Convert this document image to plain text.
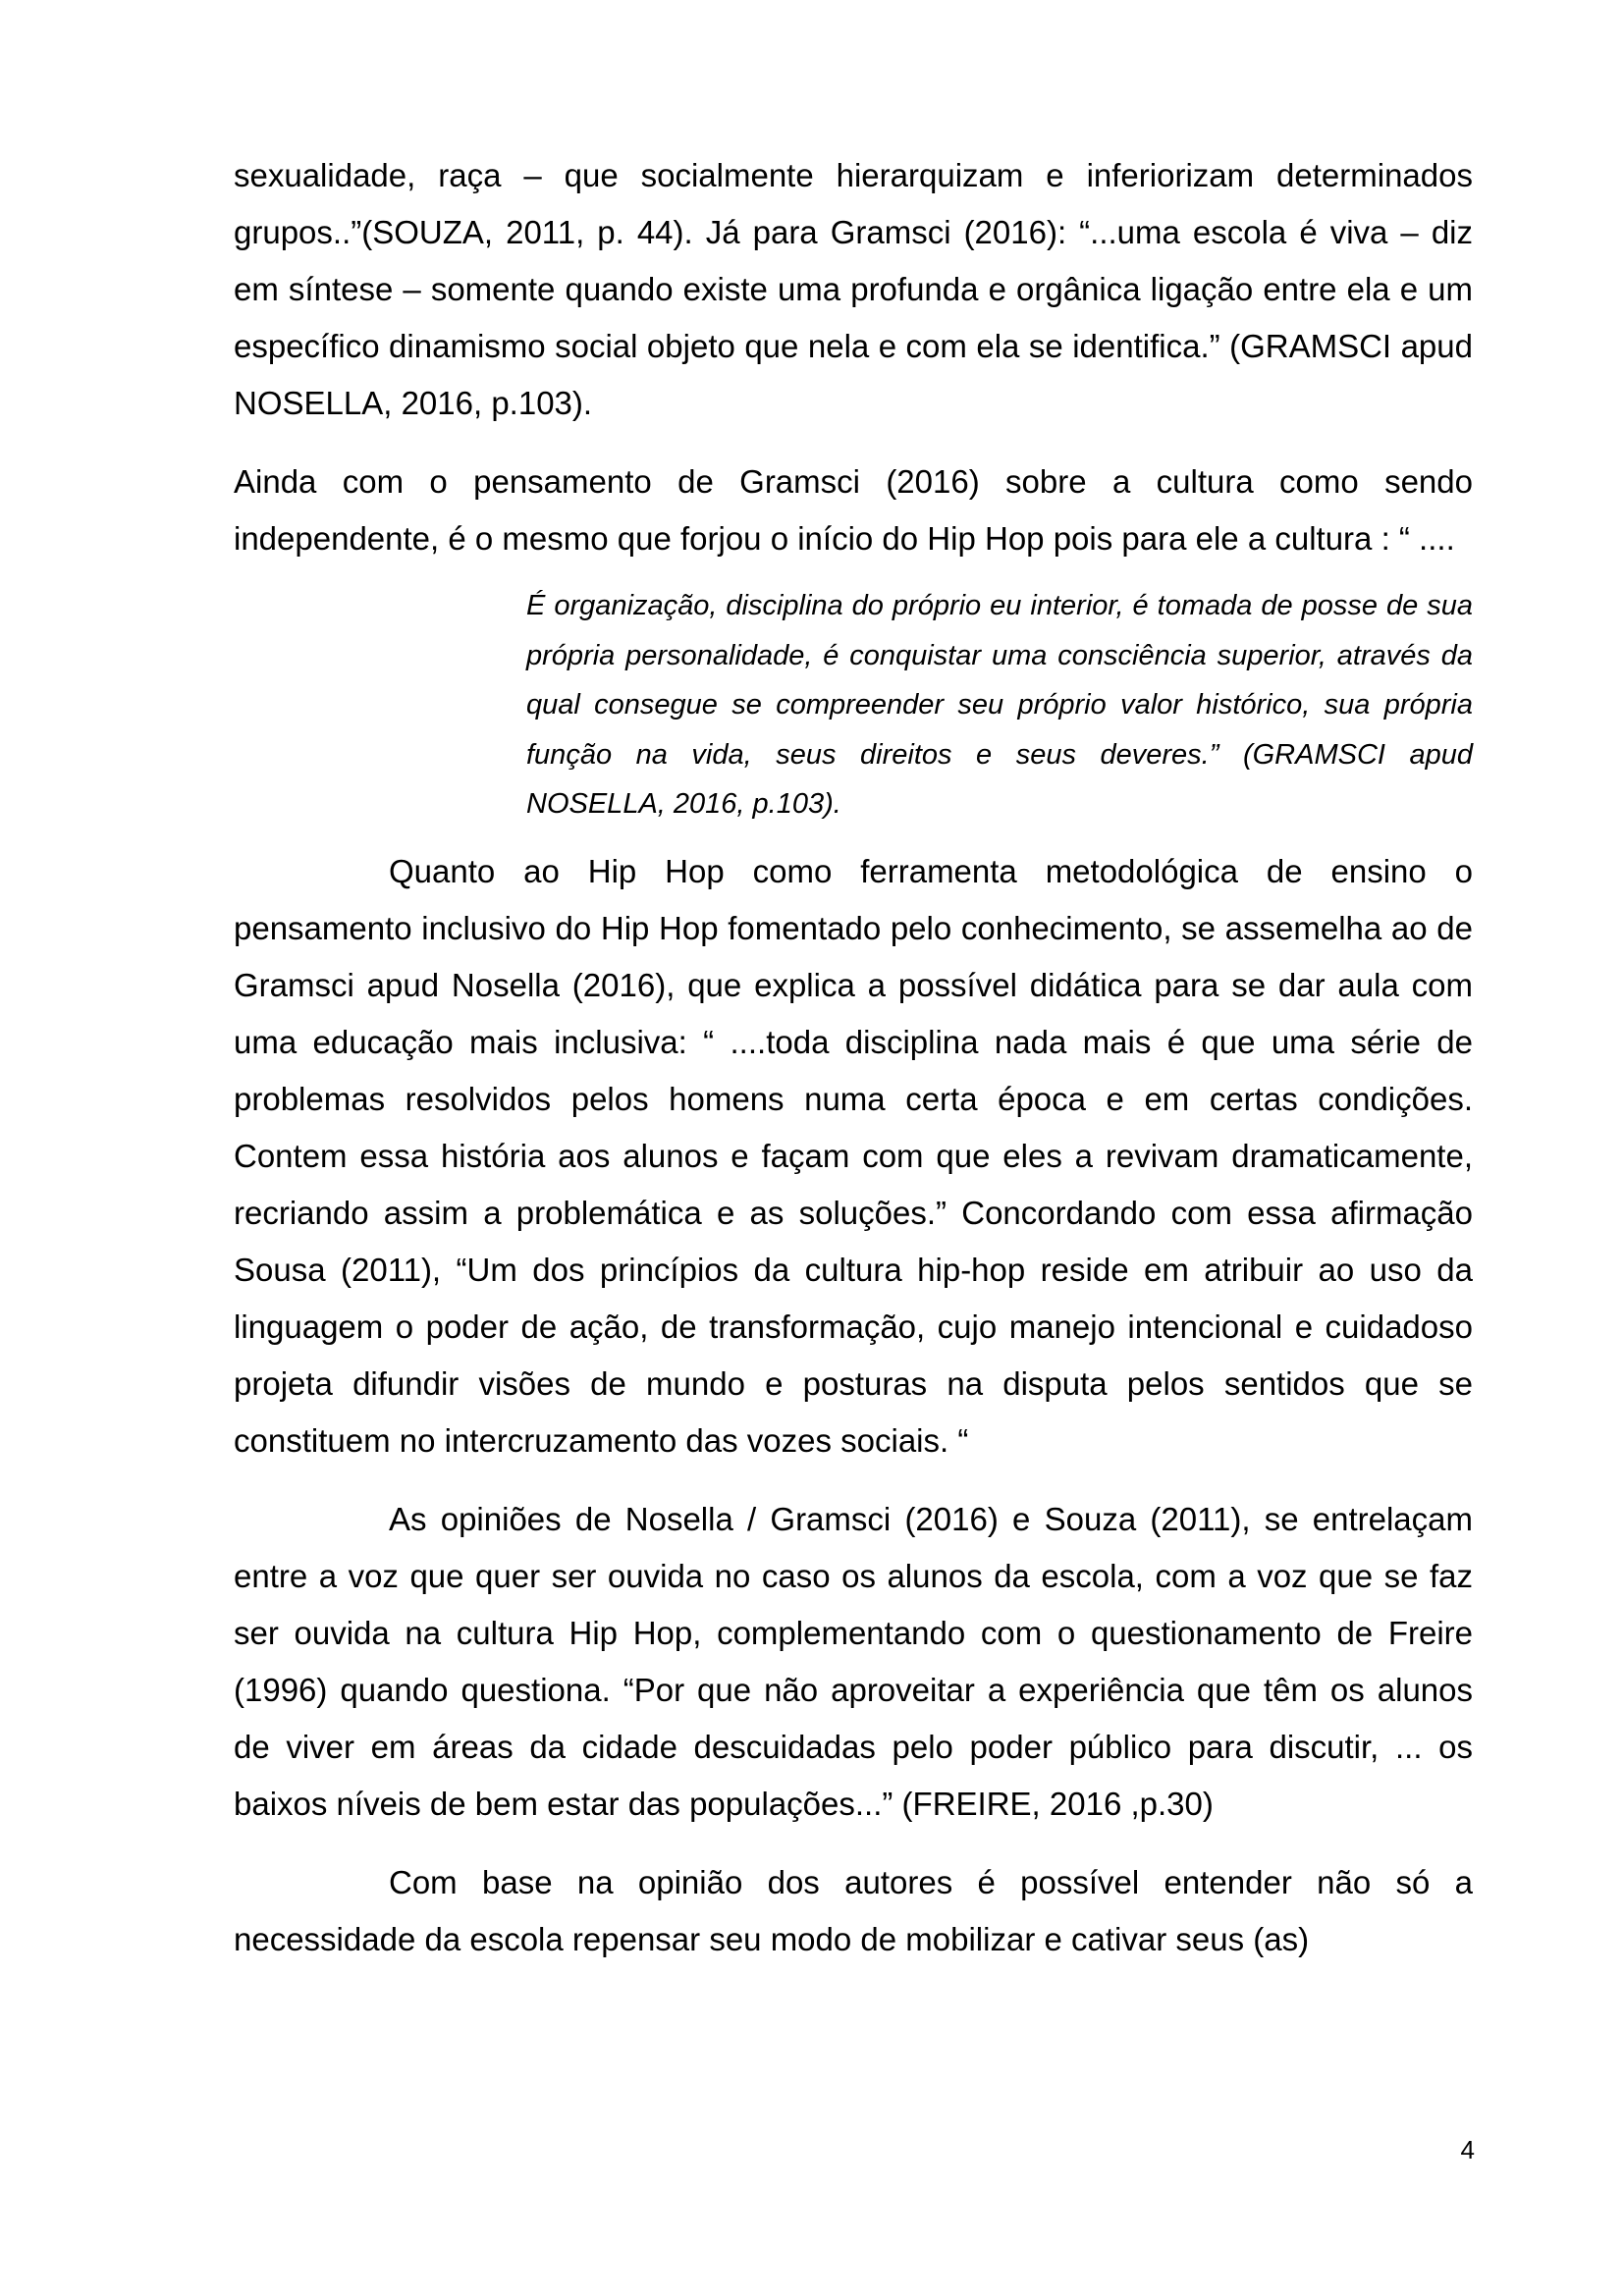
sexualidade, raça – que socialmente hierarquizam e inferiorizam determinados grupos..”(SOUZA, 2011, p. 44). Já para Gramsci (2016): “...uma escola é viva – diz em síntese – somente quando existe uma profunda e orgânica ligação entre ela e um específico dinamismo social objeto que nela e com ela se identifica.” (GRAMSCI apud NOSELLA, 2016, p.103).

Ainda com o pensamento de Gramsci (2016) sobre a cultura como sendo independente, é o mesmo que forjou o início do Hip Hop pois para ele a cultura : “ ....

É organização, disciplina do próprio eu interior, é tomada de posse de sua própria personalidade, é conquistar uma consciência superior, através da qual consegue se compreender seu próprio valor histórico, sua própria função na vida, seus direitos e seus deveres.” (GRAMSCI apud NOSELLA, 2016, p.103).

Quanto ao Hip Hop como ferramenta metodológica de ensino o pensamento inclusivo do Hip Hop fomentado pelo conhecimento, se assemelha ao de Gramsci apud Nosella (2016), que explica a possível didática para se dar aula com uma educação mais inclusiva: “ ....toda disciplina nada mais é que uma série de problemas resolvidos pelos homens numa certa época e em certas condições. Contem essa história aos alunos e façam com que eles a revivam dramaticamente, recriando assim a problemática e as soluções.” Concordando com essa afirmação Sousa (2011), “Um dos princípios da cultura hip-hop reside em atribuir ao uso da linguagem o poder de ação, de transformação, cujo manejo intencional e cuidadoso projeta difundir visões de mundo e posturas na disputa pelos sentidos que se constituem no intercruzamento das vozes sociais. “

As opiniões de Nosella / Gramsci (2016) e Souza (2011), se entrelaçam entre a voz que quer ser ouvida no caso os alunos da escola, com a voz que se faz ser ouvida na cultura Hip Hop, complementando com o questionamento de Freire (1996) quando questiona. “Por que não aproveitar a experiência que têm os alunos de viver em áreas da cidade descuidadas pelo poder público para discutir, ... os baixos níveis de bem estar das populações...” (FREIRE, 2016 ,p.30)

Com base na opinião dos autores é possível entender não só a necessidade da escola repensar seu modo de mobilizar e cativar seus (as)

4
